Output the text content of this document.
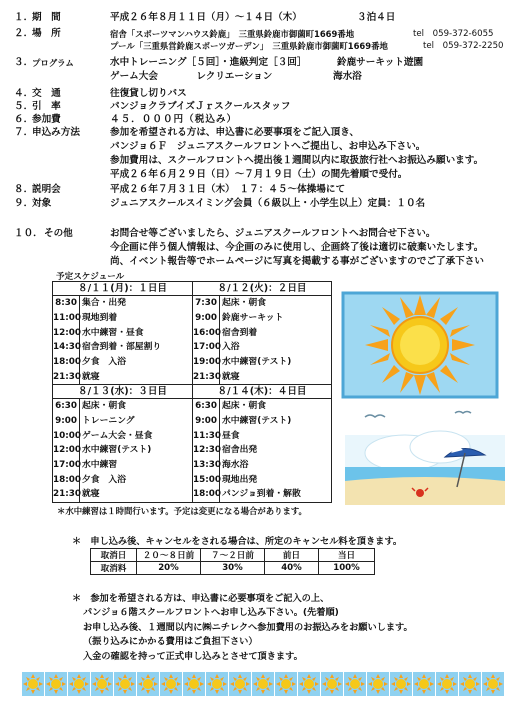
１．
期　間	平成２６年８月１１日（月）～１４日（木）	３泊４日
２．
場　所	宿舎「スポーツマンハウス鈴鹿」　三重県鈴鹿市御薗町1669番地	tel　059-372-6055
プール「三重県営鈴鹿スポーツガーデン」　三重県鈴鹿市御薗町1669番地	tel　059-372-2250
３．
プログラム	水中トレーニング［５回］・進級判定［３回］	鈴鹿サーキット遊園
ゲーム大会　　　　レクリエーション	海水浴
４．
交　通	往復貸し切りバス
５．
引　率	パンジョクラブイズＪｒスクールスタッフ
６．
参加費	４５．０００円（税込み）
７．
申込み方法	参加を希望される方は、申込書に必要事項をご記入頂き、
パンジョ６Ｆ　ジュニアスクールフロントへご提出し、お申込み下さい。
参加費用は、スクールフロントへ提出後１週間以内に取扱旅行社へお振込み願います。
平成２６年６月２９日（日）～７月１９日（土）の間先着順で受付。
８．
説明会	平成２６年７月３１日（木）　１７：４５～体操場にて
９．
対象	ジュニアスクールスイミング会員（６級以上・小学生以上）定員：１０名
１０． その他	お問合せ等ございましたら、ジュニアスクールフロントへお問合せ下さい。
今企画に伴う個人情報は、今企画のみに使用し、企画終了後は適切に破棄いたします。
尚、イベント報告等でホームページに写真を掲載する事がございますのでご了承下さい
予定スケジュール
８/１１(月)：１日目
8:30 集合・出発
11:00 現地到着
12:00 水中練習・昼食
14:30 宿舎到着・部屋割り
18:00 夕食　入浴
21:30 就寝
８/１２(火)：２日目
7:30 起床・朝食
9:00 鈴鹿サーキット
16:00 宿舎到着
17:00 入浴
19:00 水中練習(テスト)
21:30 就寝
８/１３(水)：３日目
6:30 起床・朝食
9:00 トレーニング
10:00 ゲーム大会・昼食
12:00 水中練習(テスト)
17:00 水中練習
18:00 夕食　入浴
21:30 就寝
８/１４(木)：４日目
6:30 起床・朝食
9:00 水中練習(テスト)
11:30 昼食
12:30 宿舎出発
13:30 海水浴
15:00 現地出発
18:00 パンジョ到着・解散
＊水中練習は１時間行います。予定は変更になる場合があります。
＊　申し込み後、キャンセルをされる場合は、所定のキャンセル料を頂きます。
取消日	２０～８日前	７～２日前	前日	当日
取消料	20%	30%	40%	100%
＊　参加を希望される方は、申込書に必要事項をご記入の上、
パンジョ６階スクールフロントへお申し込み下さい。(先着順)
お申し込み後、１週間以内に㈱ニチレクへ参加費用のお振込みをお願いします。
（振り込みにかかる費用はご負担下さい）
入金の確認を持って正式申し込みとさせて頂きます。
